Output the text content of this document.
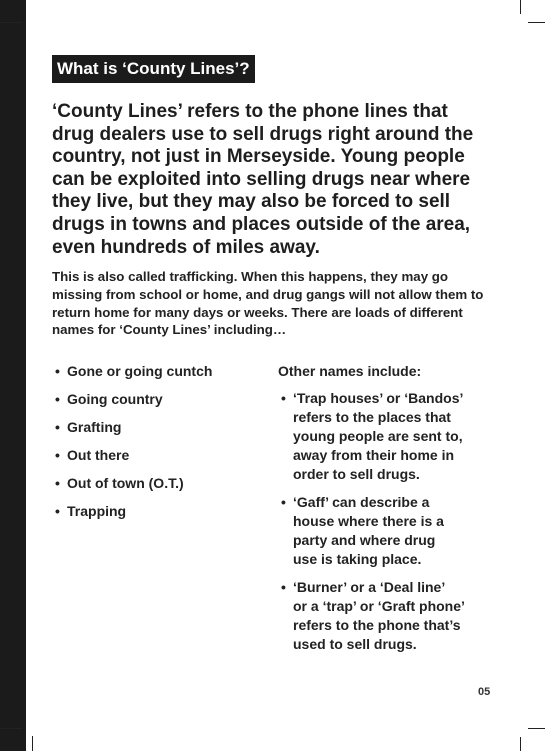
What is ‘County Lines’?
‘County Lines’ refers to the phone lines that drug dealers use to sell drugs right around the country, not just in Merseyside. Young people can be exploited into selling drugs near where they live, but they may also be forced to sell drugs in towns and places outside of the area, even hundreds of miles away.
This is also called trafficking. When this happens, they may go missing from school or home, and drug gangs will not allow them to return home for many days or weeks. There are loads of different names for ‘County Lines’ including…
• Gone or going cuntch
• Going country
• Grafting
• Out there
• Out of town (O.T.)
• Trapping
Other names include:
• ‘Trap houses’ or ‘Bandos’
refers to the places that
young people are sent to,
away from their home in
order to sell drugs.
• ‘Gaff’ can describe a
house where there is a
party and where drug
use is taking place.
• ‘Burner’ or a ‘Deal line’
or a ‘trap’ or ‘Graft phone’
refers to the phone that’s
used to sell drugs.
05
